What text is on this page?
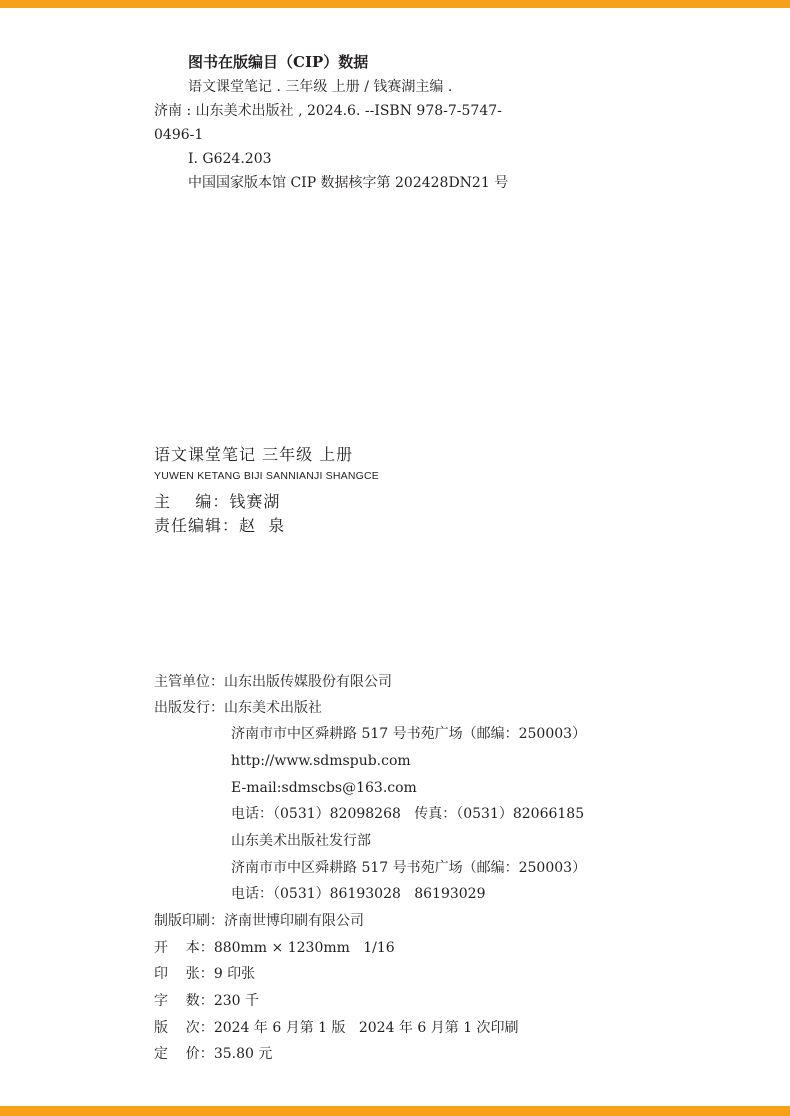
图书在版编目（CIP）数据
语文课堂笔记 . 三年级 上册 / 钱赛湖主编 .
济南 : 山东美术出版社 , 2024.6. --ISBN 978-7-5747-
0496-1
Ⅰ. G624.203
中国国家版本馆 CIP 数据核字第 202428DN21 号
语文课堂笔记 三年级 上册
YUWEN KETANG BIJI SANNIANJI SHANGCE
主    编：钱赛湖
责任编辑：赵  泉
主管单位：山东出版传媒股份有限公司
出版发行：山东美术出版社
济南市市中区舜耕路 517 号书苑广场（邮编：250003）
http://www.sdmspub.com
E-mail:sdmscbs@163.com
电话：（0531）82098268   传真：（0531）82066185
山东美术出版社发行部
济南市市中区舜耕路 517 号书苑广场（邮编：250003）
电话：（0531）86193028   86193029
制版印刷：济南世博印刷有限公司
开    本：880mm × 1230mm   1/16
印    张：9 印张
字    数：230 千
版    次：2024 年 6 月第 1 版   2024 年 6 月第 1 次印刷
定    价：35.80 元
